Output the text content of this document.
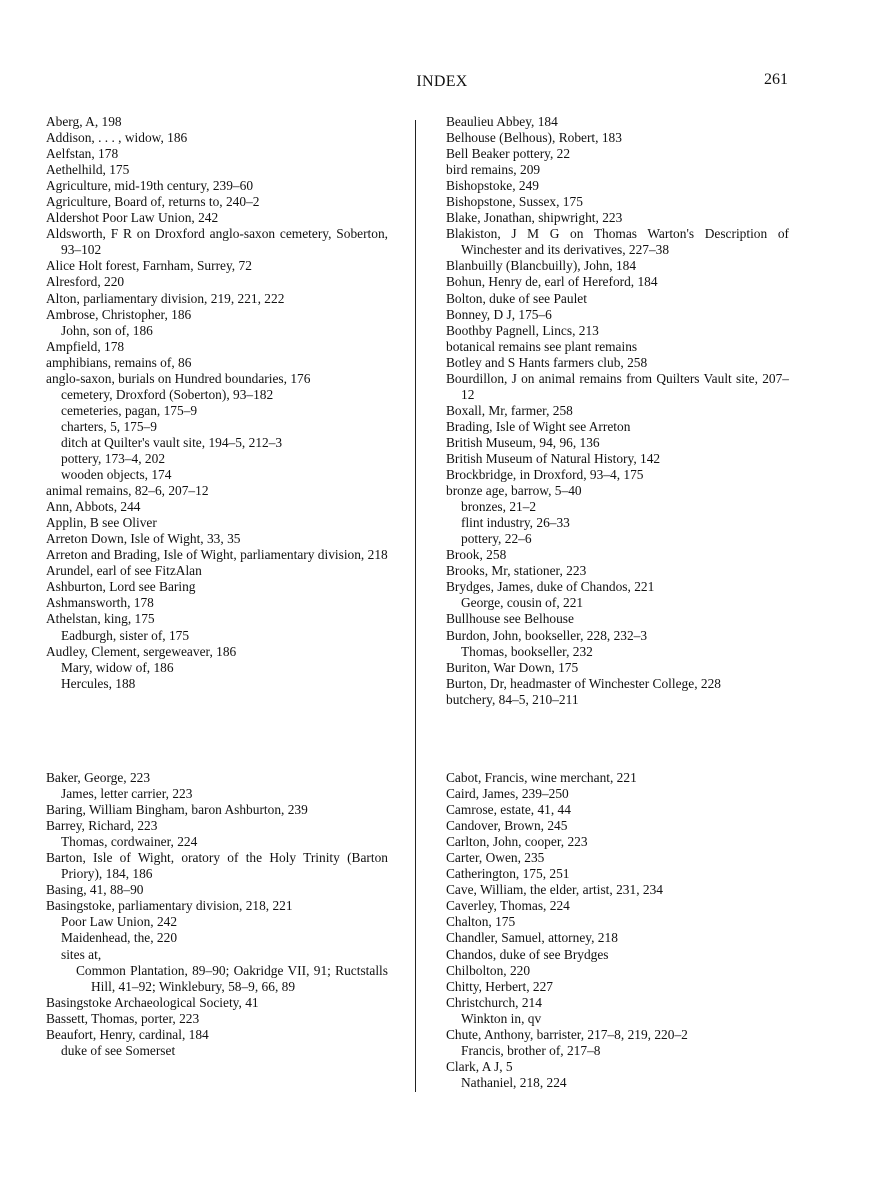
INDEX	261
Aberg, A, 198
Addison, . . . , widow, 186
Aelfstan, 178
Aethelhild, 175
Agriculture, mid-19th century, 239–60
Agriculture, Board of, returns to, 240–2
Aldershot Poor Law Union, 242
Aldsworth, F R on Droxford anglo-saxon cemetery, Soberton, 93–102
Alice Holt forest, Farnham, Surrey, 72
Alresford, 220
Alton, parliamentary division, 219, 221, 222
Ambrose, Christopher, 186
John, son of, 186
Ampfield, 178
amphibians, remains of, 86
anglo-saxon, burials on Hundred boundaries, 176
cemetery, Droxford (Soberton), 93–182
cemeteries, pagan, 175–9
charters, 5, 175–9
ditch at Quilter's vault site, 194–5, 212–3
pottery, 173–4, 202
wooden objects, 174
animal remains, 82–6, 207–12
Ann, Abbots, 244
Applin, B see Oliver
Arreton Down, Isle of Wight, 33, 35
Arreton and Brading, Isle of Wight, parliamentary division, 218
Arundel, earl of see FitzAlan
Ashburton, Lord see Baring
Ashmansworth, 178
Athelstan, king, 175
Eadburgh, sister of, 175
Audley, Clement, sergeweaver, 186
Mary, widow of, 186
Hercules, 188
Baker, George, 223
James, letter carrier, 223
Baring, William Bingham, baron Ashburton, 239
Barrey, Richard, 223
Thomas, cordwainer, 224
Barton, Isle of Wight, oratory of the Holy Trinity (Barton Priory), 184, 186
Basing, 41, 88–90
Basingstoke, parliamentary division, 218, 221
Poor Law Union, 242
Maidenhead, the, 220
sites at,
Common Plantation, 89–90; Oakridge VII, 91; Ructstalls Hill, 41–92; Winklebury, 58–9, 66, 89
Basingstoke Archaeological Society, 41
Bassett, Thomas, porter, 223
Beaufort, Henry, cardinal, 184
duke of see Somerset
Beaulieu Abbey, 184
Belhouse (Belhous), Robert, 183
Bell Beaker pottery, 22
bird remains, 209
Bishopstoke, 249
Bishopstone, Sussex, 175
Blake, Jonathan, shipwright, 223
Blakiston, J M G on Thomas Warton's Description of Winchester and its derivatives, 227–38
Blanbuilly (Blancbuilly), John, 184
Bohun, Henry de, earl of Hereford, 184
Bolton, duke of see Paulet
Bonney, D J, 175–6
Boothby Pagnell, Lincs, 213
botanical remains see plant remains
Botley and S Hants farmers club, 258
Bourdillon, J on animal remains from Quilters Vault site, 207–12
Boxall, Mr, farmer, 258
Brading, Isle of Wight see Arreton
British Museum, 94, 96, 136
British Museum of Natural History, 142
Brockbridge, in Droxford, 93–4, 175
bronze age, barrow, 5–40
bronzes, 21–2
flint industry, 26–33
pottery, 22–6
Brook, 258
Brooks, Mr, stationer, 223
Brydges, James, duke of Chandos, 221
George, cousin of, 221
Bullhouse see Belhouse
Burdon, John, bookseller, 228, 232–3
Thomas, bookseller, 232
Buriton, War Down, 175
Burton, Dr, headmaster of Winchester College, 228
butchery, 84–5, 210–211
Cabot, Francis, wine merchant, 221
Caird, James, 239–250
Camrose, estate, 41, 44
Candover, Brown, 245
Carlton, John, cooper, 223
Carter, Owen, 235
Catherington, 175, 251
Cave, William, the elder, artist, 231, 234
Caverley, Thomas, 224
Chalton, 175
Chandler, Samuel, attorney, 218
Chandos, duke of see Brydges
Chilbolton, 220
Chitty, Herbert, 227
Christchurch, 214
Winkton in, qv
Chute, Anthony, barrister, 217–8, 219, 220–2
Francis, brother of, 217–8
Clark, A J, 5
Nathaniel, 218, 224
